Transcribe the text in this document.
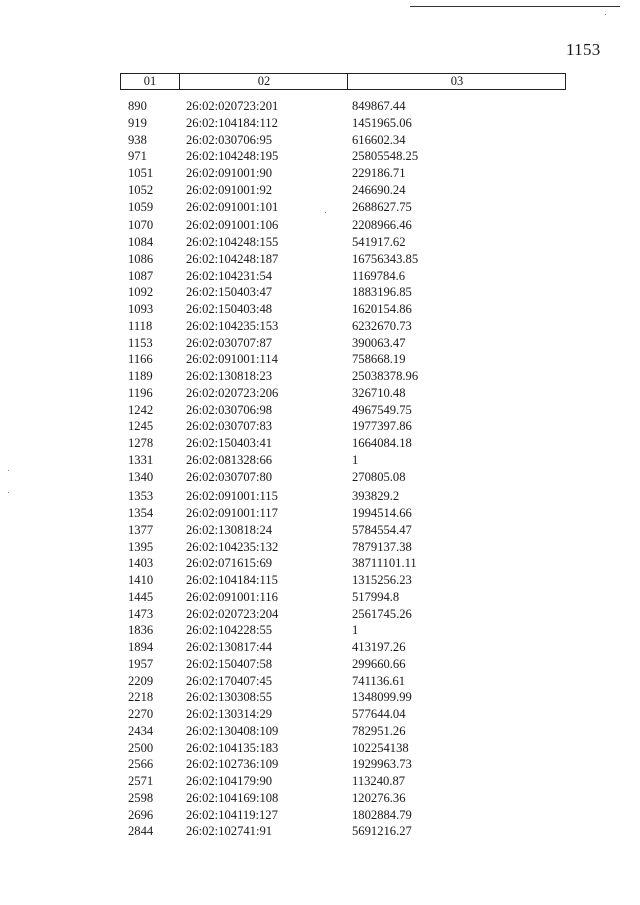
1153
01	02	03
890	26:02:020723:201	849867.44
919	26:02:104184:112	1451965.06
938	26:02:030706:95	616602.34
971	26:02:104248:195	25805548.25
1051	26:02:091001:90	229186.71
1052	26:02:091001:92	246690.24
1059	26:02:091001:101	2688627.75
1070	26:02:091001:106	2208966.46
1084	26:02:104248:155	541917.62
1086	26:02:104248:187	16756343.85
1087	26:02:104231:54	1169784.6
1092	26:02:150403:47	1883196.85
1093	26:02:150403:48	1620154.86
1118	26:02:104235:153	6232670.73
1153	26:02:030707:87	390063.47
1166	26:02:091001:114	758668.19
1189	26:02:130818:23	25038378.96
1196	26:02:020723:206	326710.48
1242	26:02:030706:98	4967549.75
1245	26:02:030707:83	1977397.86
1278	26:02:150403:41	1664084.18
1331	26:02:081328:66	1
1340	26:02:030707:80	270805.08
1353	26:02:091001:115	393829.2
1354	26:02:091001:117	1994514.66
1377	26:02:130818:24	5784554.47
1395	26:02:104235:132	7879137.38
1403	26:02:071615:69	38711101.11
1410	26:02:104184:115	1315256.23
1445	26:02:091001:116	517994.8
1473	26:02:020723:204	2561745.26
1836	26:02:104228:55	1
1894	26:02:130817:44	413197.26
1957	26:02:150407:58	299660.66
2209	26:02:170407:45	741136.61
2218	26:02:130308:55	1348099.99
2270	26:02:130314:29	577644.04
2434	26:02:130408:109	782951.26
2500	26:02:104135:183	102254138
2566	26:02:102736:109	1929963.73
2571	26:02:104179:90	113240.87
2598	26:02:104169:108	120276.36
2696	26:02:104119:127	1802884.79
2844	26:02:102741:91	5691216.27
